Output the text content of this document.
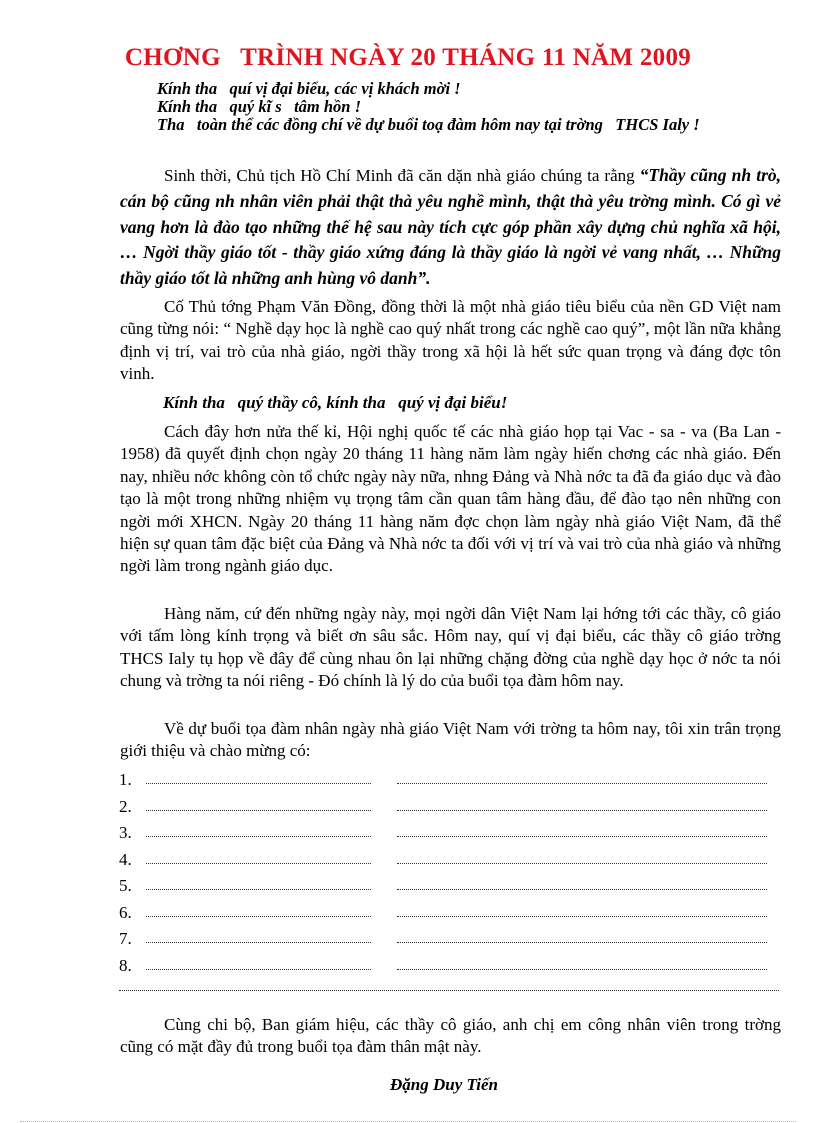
CHƠNG   TRÌNH NGÀY 20 THÁNG 11 NĂM 2009
Kính tha   quí vị đại biểu, các vị khách mời !
Kính tha   quý kĩ s   tâm hồn !
Tha   toàn thể các đồng chí về dự buổi toạ đàm hôm nay tại trờng   THCS Ialy !
Sinh thời, Chủ tịch Hồ Chí Minh đã căn dặn nhà giáo chúng ta rằng “Thầy cũng nh trò, cán bộ cũng nh nhân viên phải thật thà yêu nghề mình, thật thà yêu trờng mình. Có gì vẻ vang hơn là đào tạo những thế hệ sau này tích cực góp phần xây dựng chủ nghĩa xã hội, … Ngời thầy giáo tốt - thầy giáo xứng đáng là thầy giáo là ngời vẻ vang nhất, … Những thầy giáo tốt là những anh hùng vô danh”.
Cố Thủ tớng Phạm Văn Đồng, đồng thời là một nhà giáo tiêu biểu của nền GD Việt nam cũng từng nói: “ Nghề dạy học là nghề cao quý nhất trong các nghề cao quý”, một lần nữa khẳng định vị trí, vai trò của nhà giáo, ngời thầy trong xã hội là hết sức quan trọng và đáng đợc tôn vinh.
Kính tha   quý thầy cô, kính tha   quý vị đại biểu!
Cách đây hơn nửa thế kỉ, Hội nghị quốc tế các nhà giáo họp tại Vac - sa - va (Ba Lan - 1958) đã quyết định chọn ngày 20 tháng 11 hàng năm làm ngày hiến chơng các nhà giáo. Đến nay, nhiều nớc không còn tổ chức ngày này nữa, nhng Đảng và Nhà nớc ta đã đa giáo dục và đào tạo là một trong những nhiệm vụ trọng tâm cần quan tâm hàng đầu, để đào tạo nên những con ngời mới XHCN. Ngày 20 tháng 11 hàng năm đợc chọn làm ngày nhà giáo Việt Nam, đã thể hiện sự quan tâm đặc biệt của Đảng và Nhà nớc ta đối với vị trí và vai trò của nhà giáo và những ngời làm trong ngành giáo dục.
Hàng năm, cứ đến những ngày này, mọi ngời dân Việt Nam lại hớng tới các thầy, cô giáo với tấm lòng kính trọng và biết ơn sâu sắc. Hôm nay, quí vị đại biểu, các thầy cô giáo trờng THCS Ialy tụ họp về đây để cùng nhau ôn lại những chặng đờng của nghề dạy học ở nớc ta nói chung và trờng ta nói riêng - Đó chính là lý do của buổi tọa đàm hôm nay.
Về dự buổi tọa đàm nhân ngày nhà giáo Việt Nam với trờng ta hôm nay, tôi xin trân trọng giới thiệu và chào mừng có:
1.
2.
3.
4.
5.
6.
7.
8.
Cùng chi bộ, Ban giám hiệu, các thầy cô giáo, anh chị em công nhân viên trong trờng cũng có mặt đầy đủ trong buổi tọa đàm thân mật này.
Đặng Duy Tiến
